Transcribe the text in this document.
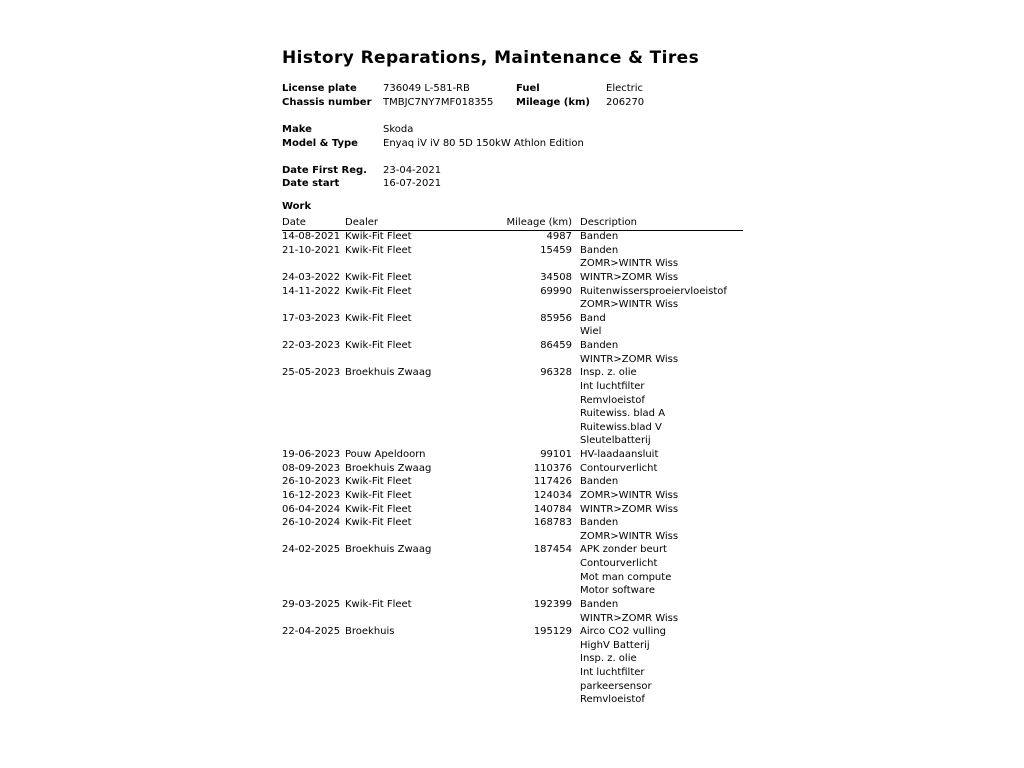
History Reparations, Maintenance & Tires
License plate	736049 L-581-RB	Fuel	Electric
Chassis number TMBJC7NY7MF018355 Mileage (km) 206270
Make	Skoda
Model & Type	Enyaq iV iV 80 5D 150kW Athlon Edition
Date First Reg. 23-04-2021
Date start	16-07-2021
Work
Date	Dealer	Mileage (km) Description
14-08-2021 Kwik-Fit Fleet	4987 Banden
21-10-2021 Kwik-Fit Fleet	15459 Banden
ZOMR>WINTR Wiss
24-03-2022 Kwik-Fit Fleet	34508 WINTR>ZOMR Wiss
14-11-2022 Kwik-Fit Fleet	69990 Ruitenwissersproeiervloeistof
ZOMR>WINTR Wiss
17-03-2023 Kwik-Fit Fleet	85956 Band
Wiel
22-03-2023 Kwik-Fit Fleet	86459 Banden
WINTR>ZOMR Wiss
25-05-2023 Broekhuis Zwaag	96328 Insp. z. olie
Int luchtfilter
Remvloeistof
Ruitewiss. blad A
Ruitewiss.blad V
Sleutelbatterij
19-06-2023 Pouw Apeldoorn	99101 HV-laadaansluit
08-09-2023 Broekhuis Zwaag	110376 Contourverlicht
26-10-2023 Kwik-Fit Fleet	117426 Banden
16-12-2023 Kwik-Fit Fleet	124034 ZOMR>WINTR Wiss
06-04-2024 Kwik-Fit Fleet	140784 WINTR>ZOMR Wiss
26-10-2024 Kwik-Fit Fleet	168783 Banden
ZOMR>WINTR Wiss
24-02-2025 Broekhuis Zwaag	187454 APK zonder beurt
Contourverlicht
Mot man compute
Motor software
29-03-2025 Kwik-Fit Fleet	192399 Banden
WINTR>ZOMR Wiss
22-04-2025 Broekhuis	195129 Airco CO2 vulling
HighV Batterij
Insp. z. olie
Int luchtfilter
parkeersensor
Remvloeistof
